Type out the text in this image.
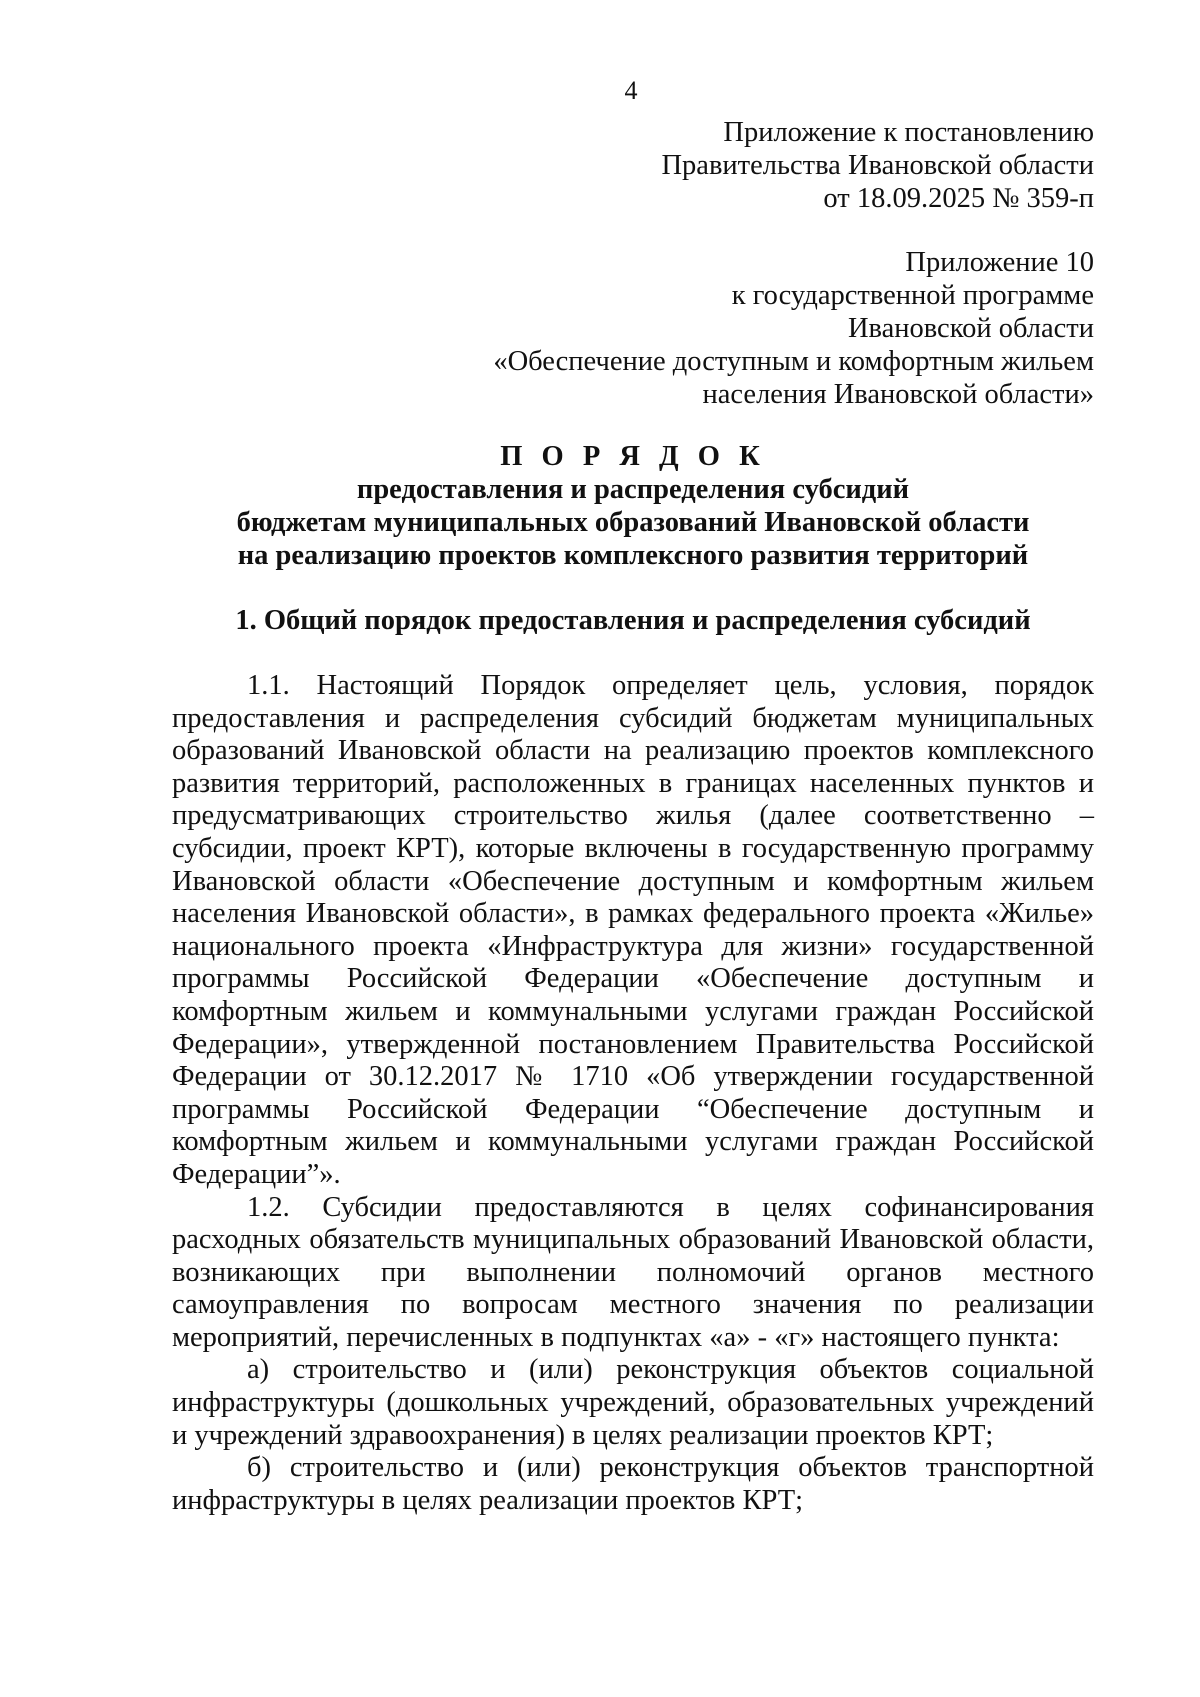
4
Приложение к постановлению
Правительства Ивановской области
от 18.09.2025 № 359-п
Приложение 10
к государственной программе
Ивановской области
«Обеспечение доступным и комфортным жильем
населения Ивановской области»
П О Р Я Д О К
предоставления и распределения субсидий
бюджетам муниципальных образований Ивановской области
на реализацию проектов комплексного развития территорий
1. Общий порядок предоставления и распределения субсидий

1.1. Настоящий Порядок определяет цель, условия, порядок предоставления и распределения субсидий бюджетам муниципальных образований Ивановской области на реализацию проектов комплексного развития территорий, расположенных в границах населенных пунктов и предусматривающих строительство жилья (далее соответственно – субсидии, проект КРТ), которые включены в государственную программу Ивановской области «Обеспечение доступным и комфортным жильем населения Ивановской области», в рамках федерального проекта «Жилье» национального проекта «Инфраструктура для жизни» государственной программы Российской Федерации «Обеспечение доступным и комфортным жильем и коммунальными услугами граждан Российской Федерации», утвержденной постановлением Правительства Российской Федерации от 30.12.2017 № 1710 «Об утверждении государственной программы Российской Федерации “Обеспечение доступным и комфортным жильем и коммунальными услугами граждан Российской Федерации”».

1.2. Субсидии предоставляются в целях софинансирования расходных обязательств муниципальных образований Ивановской области, возникающих при выполнении полномочий органов местного самоуправления по вопросам местного значения по реализации мероприятий, перечисленных в подпунктах «а» - «г» настоящего пункта:

а) строительство и (или) реконструкция объектов социальной инфраструктуры (дошкольных учреждений, образовательных учреждений и учреждений здравоохранения) в целях реализации проектов КРТ;

б) строительство и (или) реконструкция объектов транспортной инфраструктуры в целях реализации проектов КРТ;
